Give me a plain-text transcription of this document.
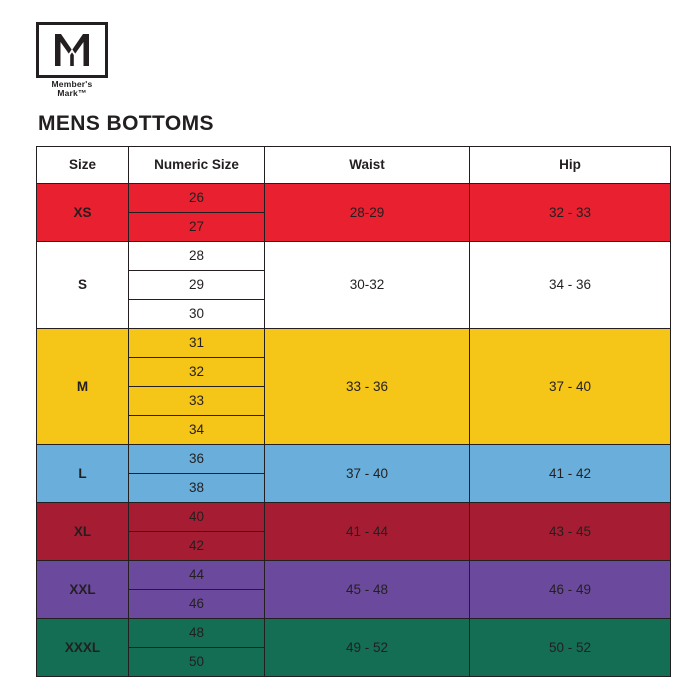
Member's
Mark™
MENS BOTTOMS
Size	Numeric Size	Waist	Hip
XS	26	28-29	32 - 33
	27		
S	28	30-32	34 - 36
	29		
	30		
M	31	33 - 36	37 - 40
	32		
	33		
	34		
L	36	37 - 40	41 - 42
	38		
XL	40	41 - 44	43 - 45
	42		
XXL	44	45 - 48	46 - 49
	46		
XXXL	48	49 - 52	50 - 52
	50		
